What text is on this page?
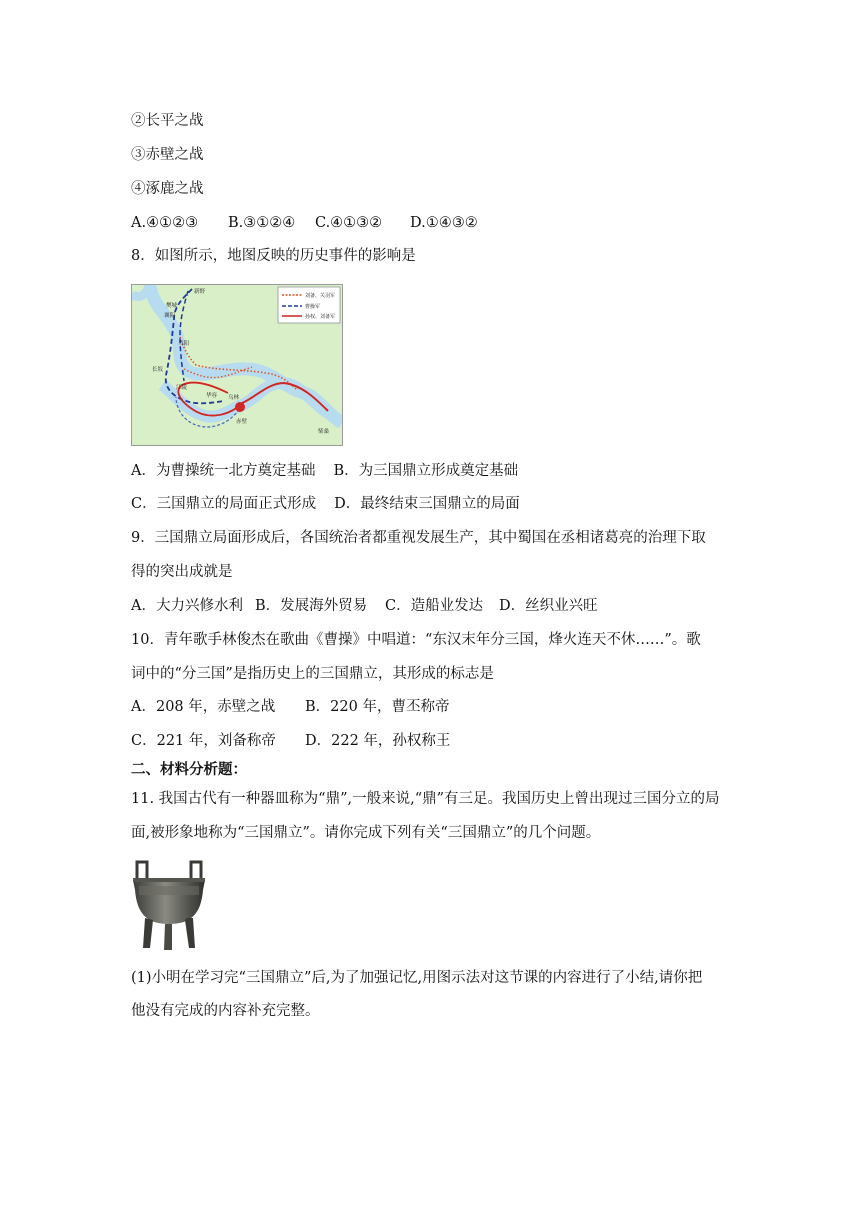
②长平之战
③赤壁之战
④涿鹿之战
A.④①②③ B.③①②④ C.④①③② D.①④③②
8．如图所示，地图反映的历史事件的影响是
刘备、关羽军
曹操军
孙权、刘备军
新野
樊城
襄阳
当阳
长坂
江陵
乌林
赤壁
华容
柴桑
A．为曹操统一北方奠定基础 B．为三国鼎立形成奠定基础
C．三国鼎立的局面正式形成 D．最终结束三国鼎立的局面
9．三国鼎立局面形成后，各国统治者都重视发展生产，其中蜀国在丞相诸葛亮的治理下取
得的突出成就是
A．大力兴修水利 B．发展海外贸易 C．造船业发达 D．丝织业兴旺
10．青年歌手林俊杰在歌曲《曹操》中唱道：“东汉末年分三国，烽火连天不休……”。歌
词中的“分三国”是指历史上的三国鼎立，其形成的标志是
A．208 年，赤壁之战 B．220 年，曹丕称帝
C．221 年，刘备称帝 D．222 年，孙权称王
二、材料分析题：
11. 我国古代有一种器皿称为“鼎”,一般来说,“鼎”有三足。我国历史上曾出现过三国分立的局
面,被形象地称为“三国鼎立”。请你完成下列有关“三国鼎立”的几个问题。
(1)小明在学习完“三国鼎立”后,为了加强记忆,用图示法对这节课的内容进行了小结,请你把
他没有完成的内容补充完整。
